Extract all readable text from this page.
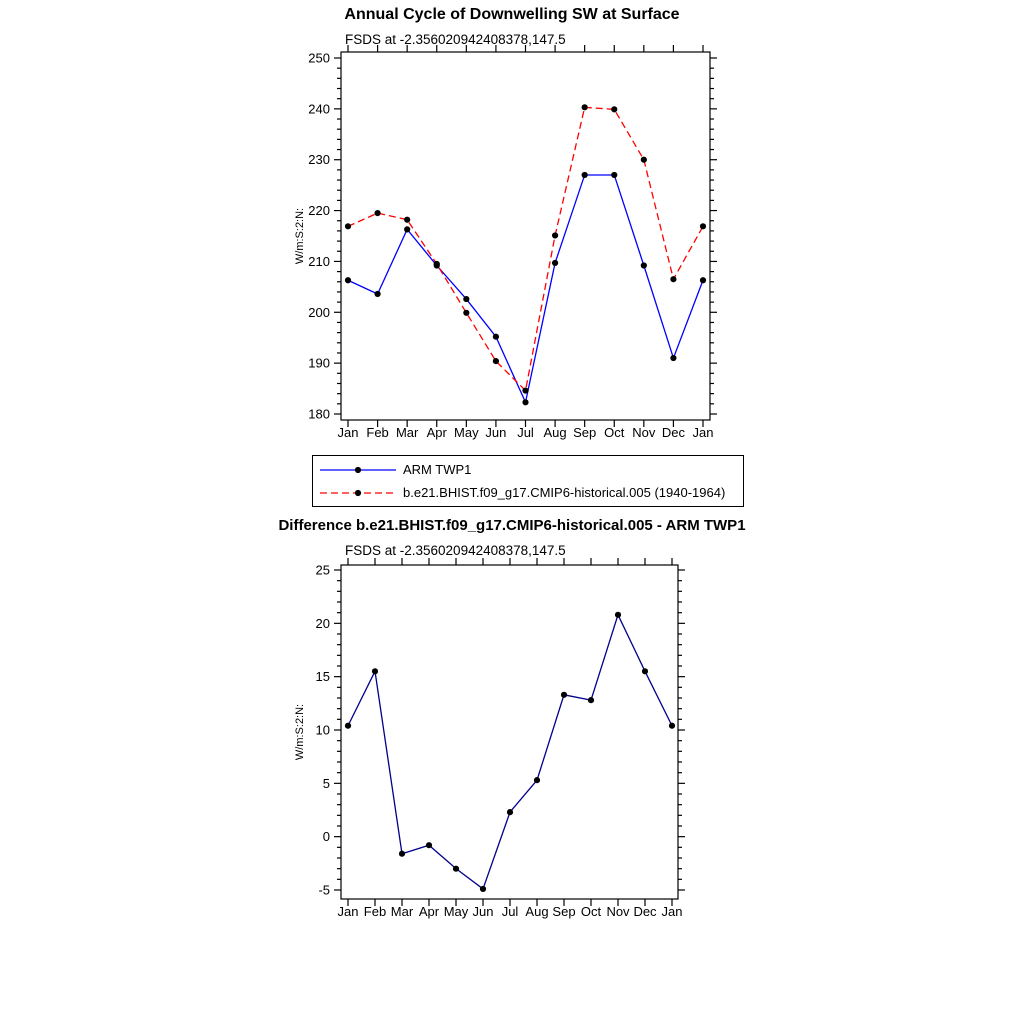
180
190
200
210
220
230
240
250
Jan Feb Mar Apr May Jun Jul Aug Sep Oct Nov Dec Jan
W/m:S:2:N:
-5
0
5
10
15
20
25
Jan Feb Mar Apr May Jun Jul Aug Sep Oct Nov Dec Jan
W/m:S:2:N:
Annual Cycle of Downwelling SW at Surface
FSDS at -2.356020942408378,147.5
ARM TWP1
b.e21.BHIST.f09_g17.CMIP6-historical.005 (1940-1964)
Difference b.e21.BHIST.f09_g17.CMIP6-historical.005 - ARM TWP1
FSDS at -2.356020942408378,147.5
